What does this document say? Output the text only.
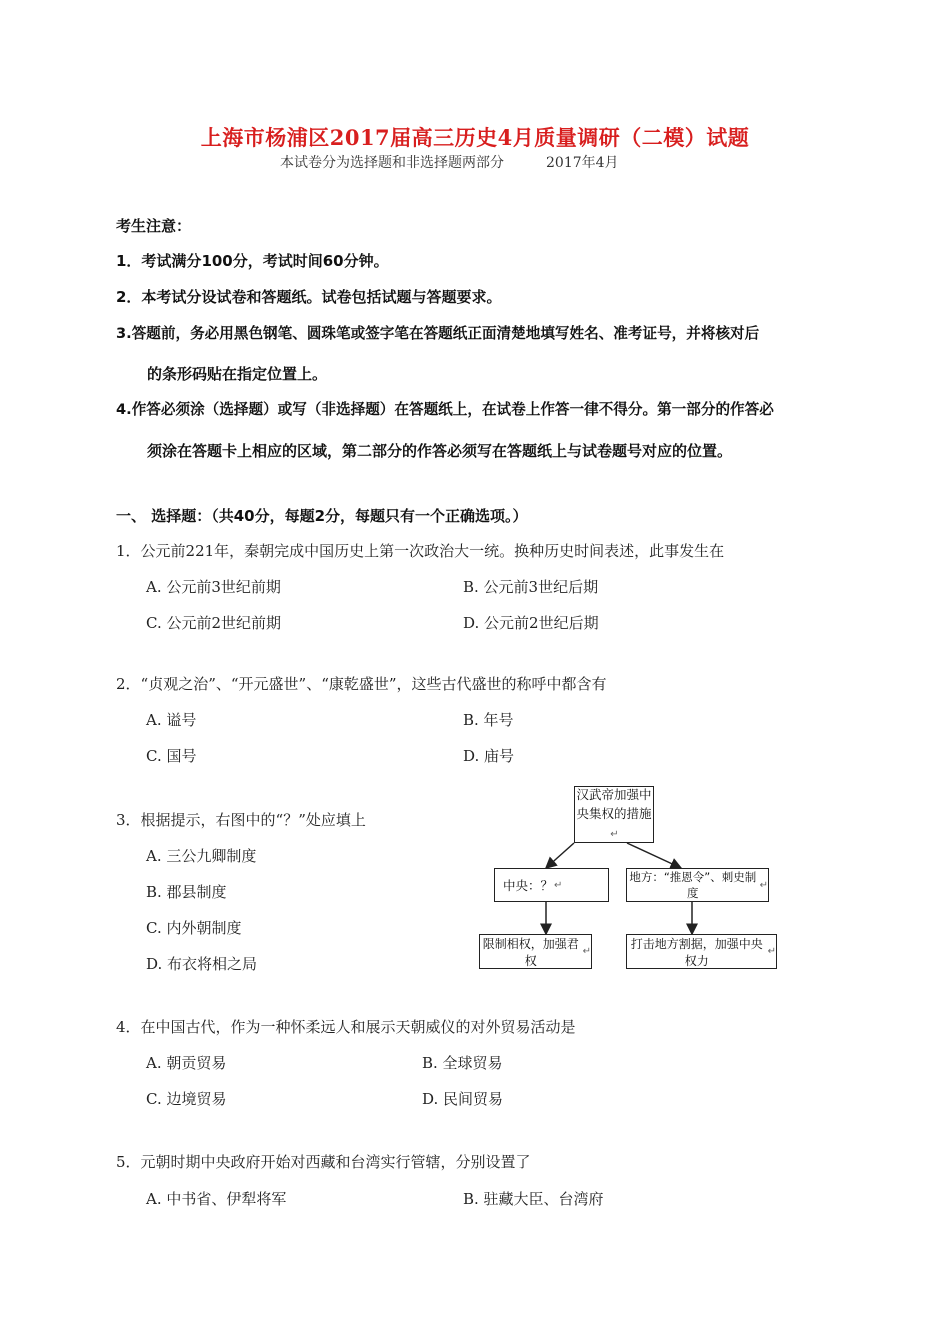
上海市杨浦区2017届高三历史4月质量调研（二模）试题
本试卷分为选择题和非选择题两部分	2017年4月
考生注意：
1．考试满分100分，考试时间60分钟。
2．本考试分设试卷和答题纸。试卷包括试题与答题要求。
3.答题前，务必用黑色钢笔、圆珠笔或签字笔在答题纸正面清楚地填写姓名、准考证号，并将核对后
的条形码贴在指定位置上。
4.作答必须涂（选择题）或写（非选择题）在答题纸上，在试卷上作答一律不得分。第一部分的作答必
须涂在答题卡上相应的区域，第二部分的作答必须写在答题纸上与试卷题号对应的位置。
一、 选择题：（共40分，每题2分，每题只有一个正确选项。）
1．公元前221年，秦朝完成中国历史上第一次政治大一统。换种历史时间表述，此事发生在
A. 公元前3世纪前期	B. 公元前3世纪后期
C. 公元前2世纪前期	D. 公元前2世纪后期
2．“贞观之治”、“开元盛世”、“康乾盛世”，这些古代盛世的称呼中都含有
A. 谥号	B. 年号
C. 国号	D. 庙号
3．根据提示，右图中的“？”处应填上
A. 三公九卿制度
B. 郡县制度
C. 内外朝制度
D. 布衣将相之局
汉武帝加强中
央集权的措施↵
中央：？ ↵
地方：“推恩令”、刺史制度
↵
限制相权，加强君权
↵
打击地方割据，加强中央权力
↵
4．在中国古代，作为一种怀柔远人和展示天朝威仪的对外贸易活动是
A. 朝贡贸易	B. 全球贸易
C. 边境贸易	D. 民间贸易
5．元朝时期中央政府开始对西藏和台湾实行管辖，分别设置了
A. 中书省、伊犁将军	B. 驻藏大臣、台湾府
